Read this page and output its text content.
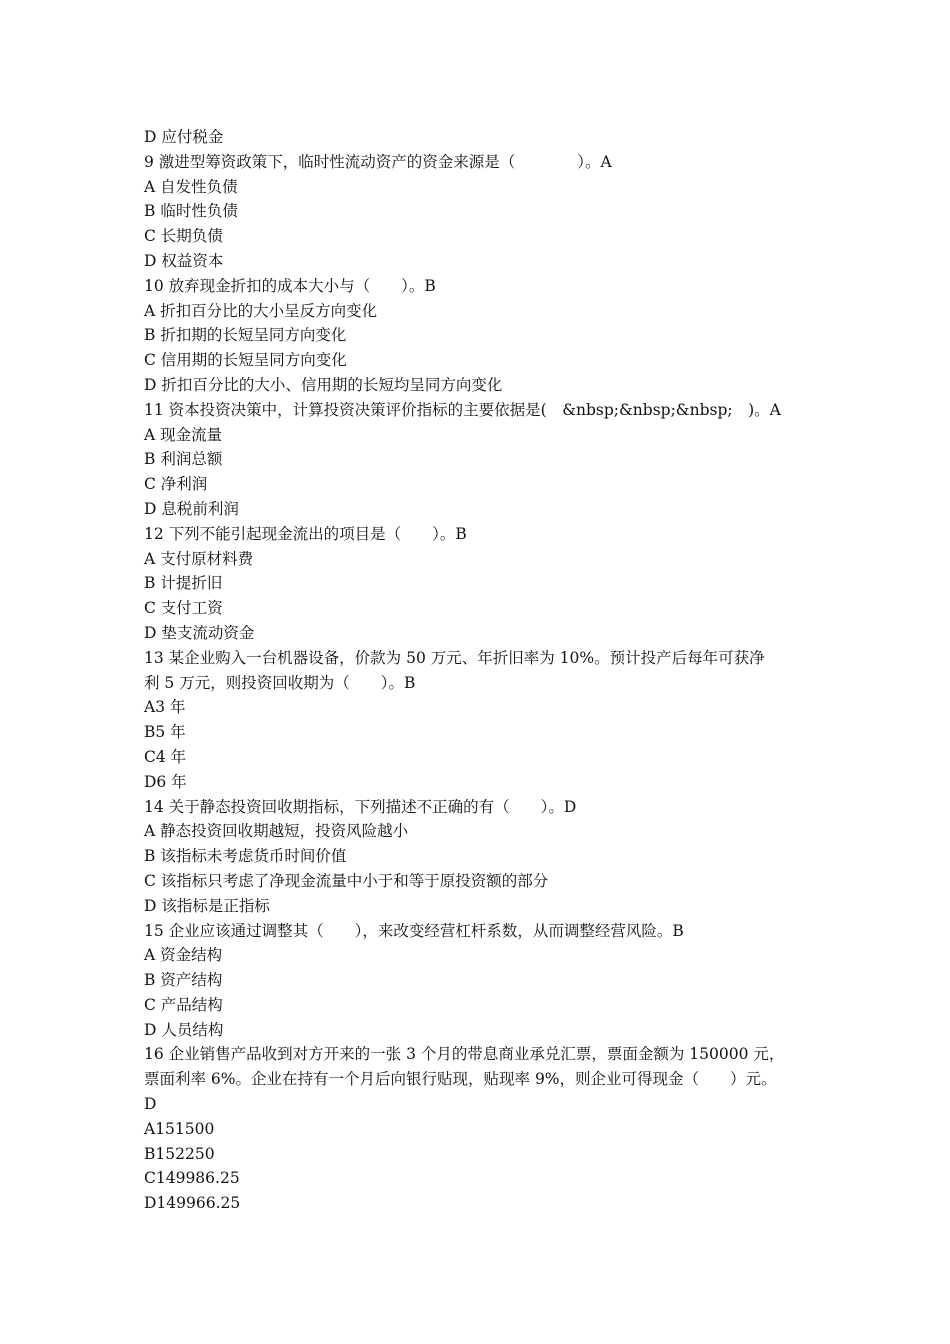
D 应付税金
9 激进型筹资政策下，临时性流动资产的资金来源是（　　　　）。A
A 自发性负债
B 临时性负债
C 长期负债
D 权益资本
10 放弃现金折扣的成本大小与（　　）。B
A 折扣百分比的大小呈反方向变化
B 折扣期的长短呈同方向变化
C 信用期的长短呈同方向变化
D 折扣百分比的大小、信用期的长短均呈同方向变化
11 资本投资决策中，计算投资决策评价指标的主要依据是(　&nbsp;&nbsp;&nbsp;　)。A
A 现金流量
B 利润总额
C 净利润
D 息税前利润
12 下列不能引起现金流出的项目是（　　）。B
A 支付原材料费
B 计提折旧
C 支付工资
D 垫支流动资金
13 某企业购入一台机器设备，价款为 50 万元、年折旧率为 10%。预计投产后每年可获净
利 5 万元，则投资回收期为（　　）。B
A3 年
B5 年
C4 年
D6 年
14 关于静态投资回收期指标，下列描述不正确的有（　　）。D
A 静态投资回收期越短，投资风险越小
B 该指标未考虑货币时间价值
C 该指标只考虑了净现金流量中小于和等于原投资额的部分
D 该指标是正指标
15 企业应该通过调整其（　　），来改变经营杠杆系数，从而调整经营风险。B
A 资金结构
B 资产结构
C 产品结构
D 人员结构
16 企业销售产品收到对方开来的一张 3 个月的带息商业承兑汇票，票面金额为 150000 元，
票面利率 6%。企业在持有一个月后向银行贴现，贴现率 9%，则企业可得现金（　　）元。
D
A151500
B152250
C149986.25
D149966.25
